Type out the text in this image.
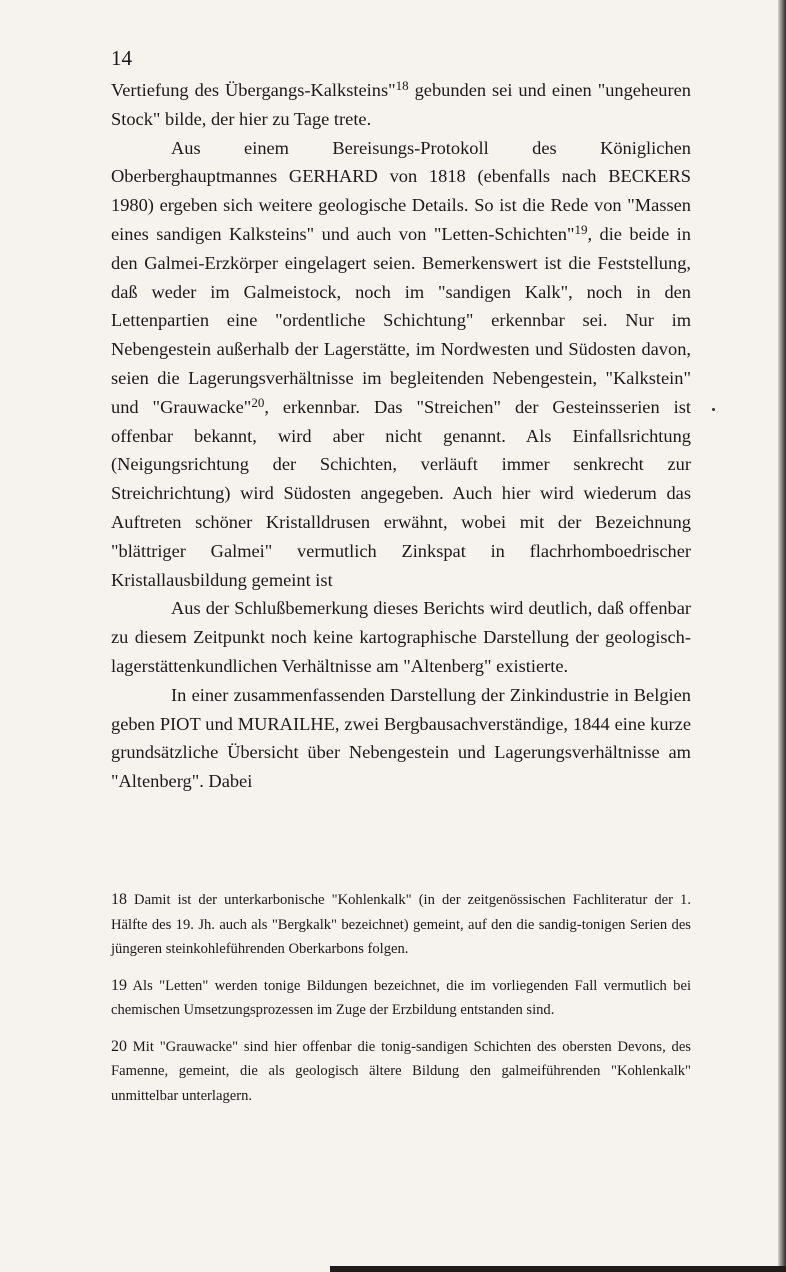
14

Vertiefung des Übergangs-Kalksteins"$^{18}$ gebunden sei und einen "ungeheuren Stock" bilde, der hier zu Tage trete.

Aus einem Bereisungs-Protokoll des Königlichen Oberberghauptmannes GERHARD von 1818 (ebenfalls nach BECKERS 1980) ergeben sich weitere geologische Details. So ist die Rede von "Massen eines sandigen Kalksteins" und auch von "Letten-Schichten"$^{19}$, die beide in den Galmei-Erzkörper eingelagert seien. Bemerkenswert ist die Feststellung, daß weder im Galmeistock, noch im "sandigen Kalk", noch in den Lettenpartien eine "ordentliche Schichtung" erkennbar sei. Nur im Nebengestein außerhalb der Lagerstätte, im Nordwesten und Südosten davon, seien die Lagerungsverhältnisse im begleitenden Nebengestein, "Kalkstein" und "Grauwacke"$^{20}$, erkennbar. Das "Streichen" der Gesteinsserien ist offenbar bekannt, wird aber nicht genannt. Als Einfallsrichtung (Neigungsrichtung der Schichten, verläuft immer senkrecht zur Streichrichtung) wird Südosten angegeben. Auch hier wird wiederum das Auftreten schöner Kristalldrusen erwähnt, wobei mit der Bezeichnung "blättriger Galmei" vermutlich Zinkspat in flachrhomboedrischer Kristallausbildung gemeint ist

Aus der Schlußbemerkung dieses Berichts wird deutlich, daß offenbar zu diesem Zeitpunkt noch keine kartographische Darstellung der geologisch-lagerstättenkundlichen Verhältnisse am "Altenberg" existierte.

In einer zusammenfassenden Darstellung der Zinkindustrie in Belgien geben PIOT und MURAILHE, zwei Bergbausachverständige, 1844 eine kurze grundsätzliche Übersicht über Nebengestein und Lagerungsverhältnisse am "Altenberg". Dabei

18 Damit ist der unterkarbonische "Kohlenkalk" (in der zeitgenössischen Fachliteratur der 1. Hälfte des 19. Jh. auch als "Bergkalk" bezeichnet) gemeint, auf den die sandig-tonigen Serien des jüngeren steinkohleführenden Oberkarbons folgen.

19 Als "Letten" werden tonige Bildungen bezeichnet, die im vorliegenden Fall vermutlich bei chemischen Umsetzungsprozessen im Zuge der Erzbildung entstanden sind.

20 Mit "Grauwacke" sind hier offenbar die tonig-sandigen Schichten des obersten Devons, des Famenne, gemeint, die als geologisch ältere Bildung den galmeiführenden "Kohlenkalk" unmittelbar unterlagern.
